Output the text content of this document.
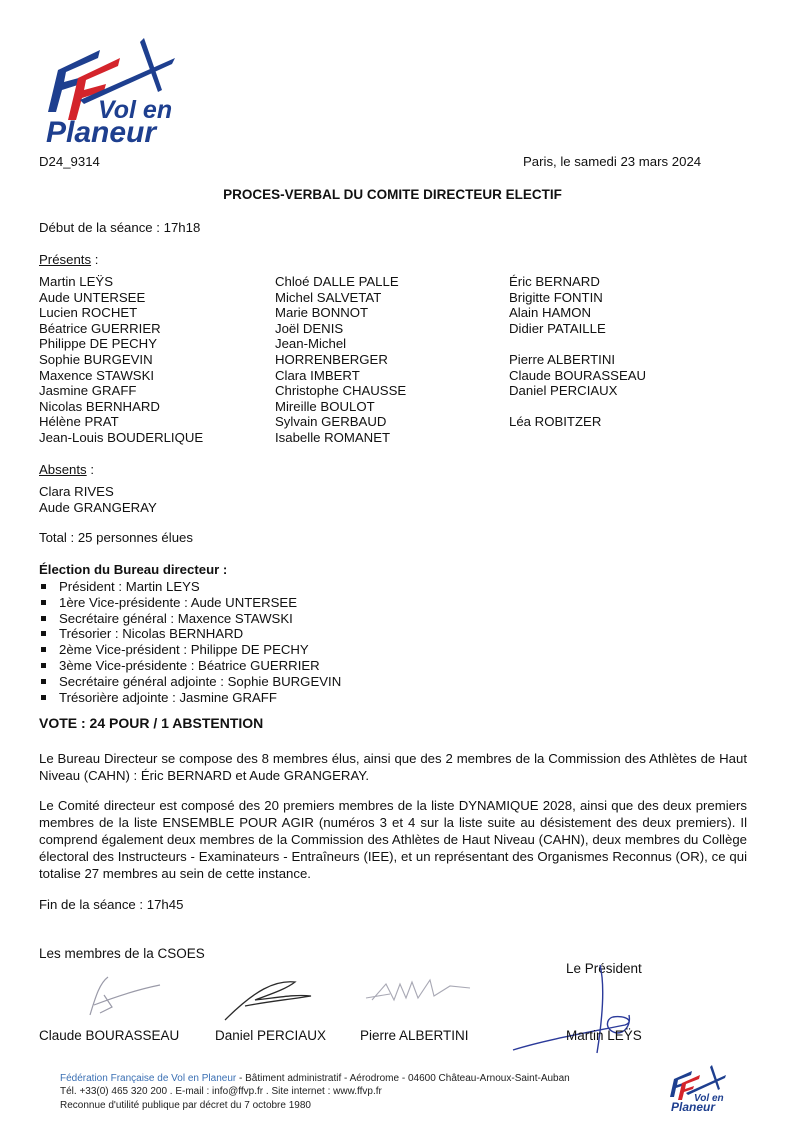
Vol en
Planeur
D24_9314	Paris, le samedi 23 mars 2024
PROCES-VERBAL DU COMITE DIRECTEUR ELECTIF
Début de la séance : 17h18
Présents :
Martin LEŸS
Aude UNTERSEE
Lucien ROCHET
Béatrice GUERRIER
Philippe DE PECHY
Sophie BURGEVIN
Maxence STAWSKI
Jasmine GRAFF
Nicolas BERNHARD
Hélène PRAT
Jean-Louis BOUDERLIQUE
Chloé DALLE PALLE
Michel SALVETAT
Marie BONNOT
Joël DENIS
Jean-Michel
HORRENBERGER
Clara IMBERT
Christophe CHAUSSE
Mireille BOULOT
Sylvain GERBAUD
Isabelle ROMANET
Éric BERNARD
Brigitte FONTIN
Alain HAMON
Didier PATAILLE
Pierre ALBERTINI
Claude BOURASSEAU
Daniel PERCIAUX
Léa ROBITZER
Absents :
Clara RIVES
Aude GRANGERAY
Total : 25 personnes élues
Élection du Bureau directeur :
Président : Martin LEYS
1ère Vice-présidente : Aude UNTERSEE
Secrétaire général : Maxence STAWSKI
Trésorier : Nicolas BERNHARD
2ème Vice-président : Philippe DE PECHY
3ème Vice-présidente : Béatrice GUERRIER
Secrétaire général adjointe : Sophie BURGEVIN
Trésorière adjointe : Jasmine GRAFF
VOTE : 24 POUR / 1 ABSTENTION
Le Bureau Directeur se compose des 8 membres élus, ainsi que des 2 membres de la Commission des Athlètes de Haut Niveau (CAHN) : Éric BERNARD et Aude GRANGERAY.
Le Comité directeur est composé des 20 premiers membres de la liste DYNAMIQUE 2028, ainsi que des deux premiers membres de la liste ENSEMBLE POUR AGIR (numéros 3 et 4 sur la liste suite au désistement des deux premiers). Il comprend également deux membres de la Commission des Athlètes de Haut Niveau (CAHN), deux membres du Collège électoral des Instructeurs - Examinateurs - Entraîneurs (IEE), et un représentant des Organismes Reconnus (OR), ce qui totalise 27 membres au sein de cette instance.
Fin de la séance : 17h45
Les membres de la CSOES
Le Président
Claude BOURASSEAU	Daniel PERCIAUX	Pierre ALBERTINI	Martin LEŸS
Fédération Française de Vol en Planeur - Bâtiment administratif - Aérodrome - 04600 Château-Arnoux-Saint-Auban
Tél. +33(0) 465 320 200 . E-mail : info@ffvp.fr . Site internet : www.ffvp.fr
Reconnue d'utilité publique par décret du 7 octobre 1980
Vol en
Planeur
